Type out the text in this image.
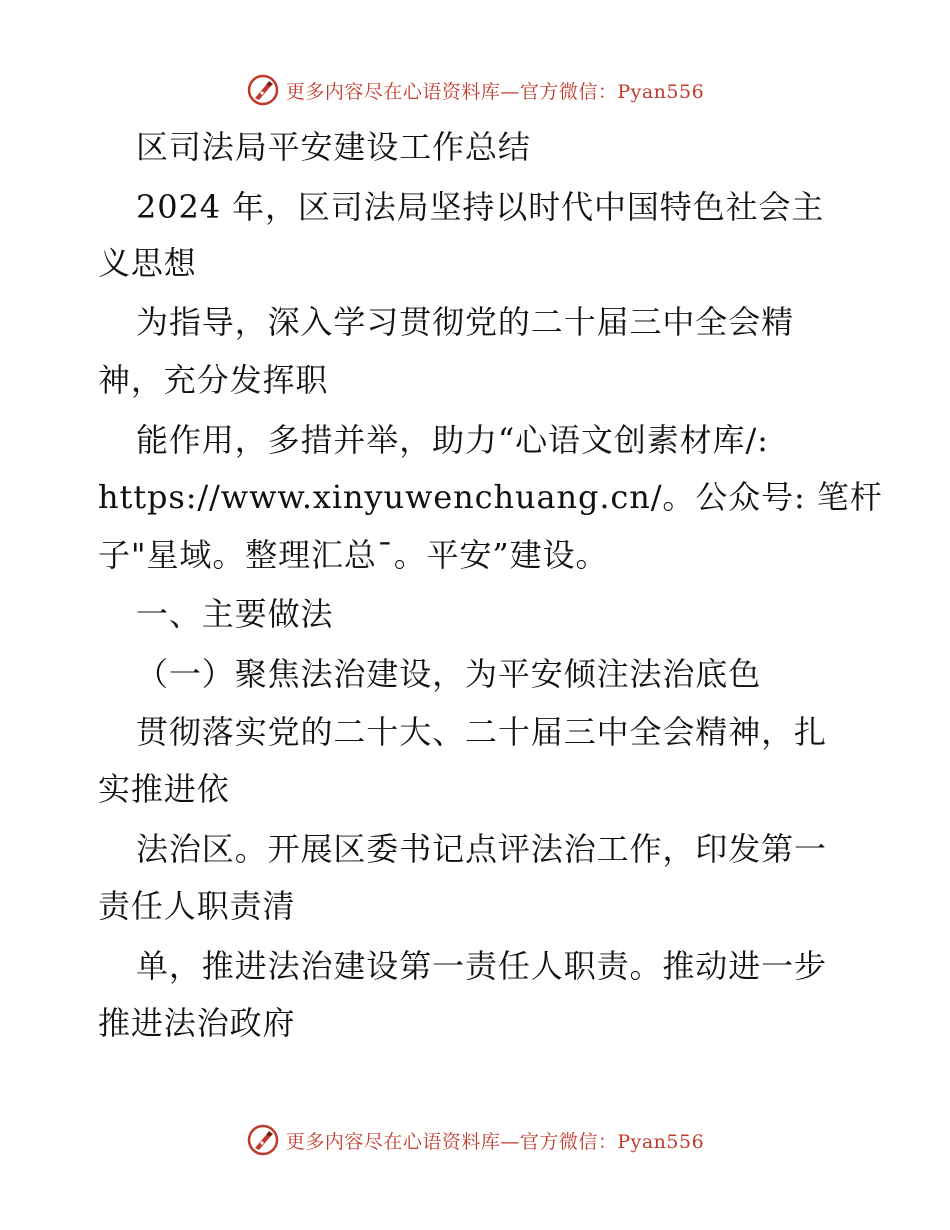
更多内容尽在心语资料库—官方微信：Pyan556

区司法局平安建设工作总结

2024 年，区司法局坚持以时代中国特色社会主

义思想

为指导，深入学习贯彻党的二十届三中全会精

神，充分发挥职

能作用，多措并举，助力“心语文创素材库/:

https://www.xinyuwenchuang.cn/。公众号: 笔杆

子"星域。整理汇总¯。平安”建设。

一、主要做法

（一）聚焦法治建设，为平安倾注法治底色

贯彻落实党的二十大、二十届三中全会精神，扎

实推进依

法治区。开展区委书记点评法治工作，印发第一

责任人职责清

单，推进法治建设第一责任人职责。推动进一步

推进法治政府

更多内容尽在心语资料库—官方微信：Pyan556
